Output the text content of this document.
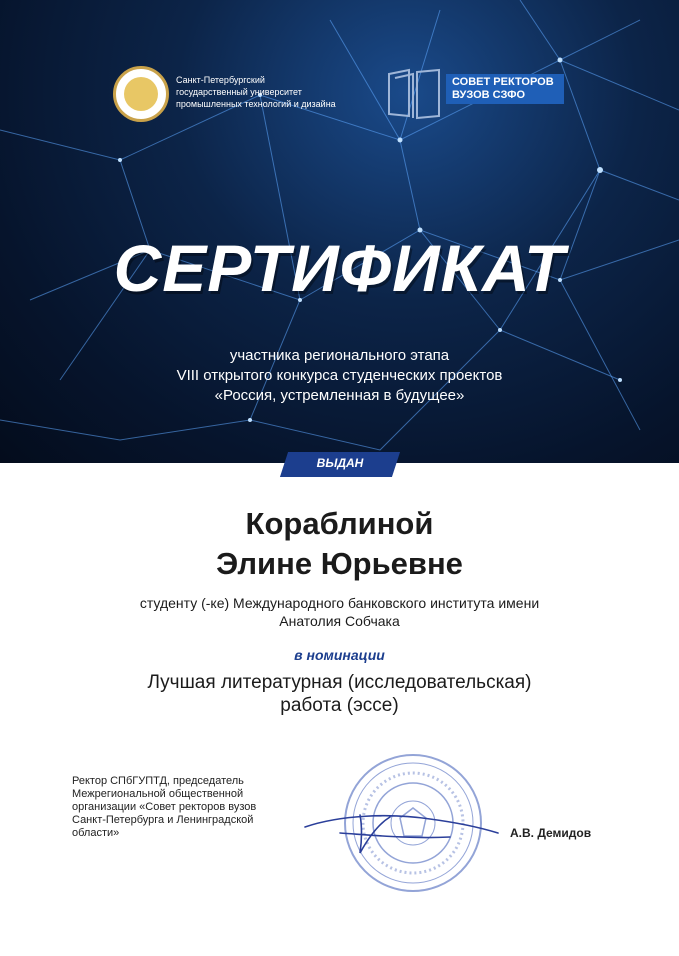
Санкт-Петербургский
государственный университет
промышленных технологий и дизайна
СОВЕТ РЕКТОРОВ
ВУЗОВ СЗФО
СЕРТИФИКАТ
участника регионального этапа
VIII открытого конкурса студенческих проектов
«Россия, устремленная в будущее»
ВЫДАН
Кораблиной
Элине Юрьевне
студенту (-ке) Международного банковского института имени
Анатолия Собчака
в номинации
Лучшая литературная (исследовательская)
работа (эссе)
Ректор СПбГУПТД, председатель
Межрегиональной общественной
организации «Совет ректоров вузов
Санкт-Петербурга и Ленинградской
области»	А.В. Демидов
